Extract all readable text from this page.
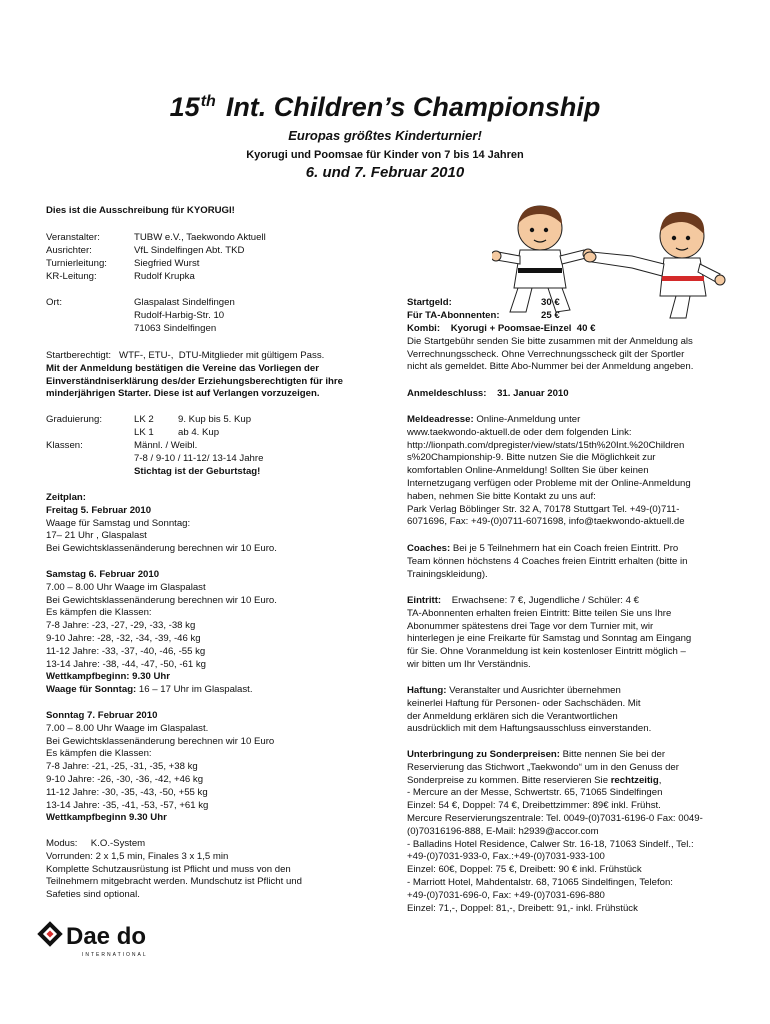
15th Int. Children’s Championship
Europas größtes Kinderturnier!
Kyorugi und Poomsae für Kinder von 7 bis 14 Jahren
6. und 7. Februar 2010
Dies ist die Ausschreibung für KYORUGI!
Veranstalter:	TUBW e.V., Taekwondo Aktuell
Ausrichter:	VfL Sindelfingen Abt. TKD
Turnierleitung:	Siegfried Wurst
KR-Leitung:	Rudolf Krupka
Ort:	Glaspalast Sindelfingen
Rudolf-Harbig-Str. 10
71063 Sindelfingen
Startberechtigt:   WTF-, ETU-,  DTU-Mitglieder mit gültigem Pass.
Mit der Anmeldung bestätigen die Vereine das Vorliegen der
Einverständniserklärung des/der Erziehungsberechtigten für ihre
minderjährigen Starter. Diese ist auf Verlangen vorzuzeigen.
Graduierung:	LK 2	9. Kup bis 5. Kup
LK 1	ab 4. Kup
Klassen:	Männl. / Weibl.
7-8 / 9-10 / 11-12/ 13-14 Jahre
Stichtag ist der Geburtstag!
Zeitplan:
Freitag 5. Februar 2010
Waage für Samstag und Sonntag:
17– 21 Uhr , Glaspalast
Bei Gewichtsklassenänderung berechnen wir 10 Euro.
Samstag 6. Februar 2010
7.00 – 8.00 Uhr Waage im Glaspalast
Bei Gewichtsklassenänderung berechnen wir 10 Euro.
Es kämpfen die Klassen:
7-8 Jahre: -23, -27, -29, -33, -38 kg
9-10 Jahre: -28, -32, -34, -39, -46 kg
11-12 Jahre: -33, -37, -40, -46, -55 kg
13-14 Jahre: -38, -44, -47, -50, -61 kg
Wettkampfbeginn: 9.30 Uhr
Waage für Sonntag: 16 – 17 Uhr im Glaspalast.
Sonntag 7. Februar 2010
7.00 – 8.00 Uhr Waage im Glaspalast.
Bei Gewichtsklassenänderung berechnen wir 10 Euro
Es kämpfen die Klassen:
7-8 Jahre: -21, -25, -31, -35, +38 kg
9-10 Jahre: -26, -30, -36, -42, +46 kg
11-12 Jahre: -30, -35, -43, -50, +55 kg
13-14 Jahre: -35, -41, -53, -57, +61 kg
Wettkampfbeginn 9.30 Uhr
Modus:     K.O.-System
Vorrunden: 2 x 1,5 min, Finales 3 x 1,5 min
Komplette Schutzausrüstung ist Pflicht und muss von den
Teilnehmern mitgebracht werden. Mundschutz ist Pflicht und
Safeties sind optional.
Dae do
INTERNATIONAL
Startgeld:	30 €
Für TA-Abonnenten:	25 €
Kombi:    Kyorugi + Poomsae-Einzel  40 €
Die Startgebühr senden Sie bitte zusammen mit der Anmeldung als
Verrechnungsscheck. Ohne Verrechnungsscheck gilt der Sportler
nicht als gemeldet. Bitte Abo-Nummer bei der Anmeldung angeben.
Anmeldeschluss:    31. Januar 2010
Meldeadresse: Online-Anmeldung unter
www.taekwondo-aktuell.de oder dem folgenden Link:
http://lionpath.com/dpregister/view/stats/15th%20Int.%20Children
s%20Championship-9. Bitte nutzen Sie die Möglichkeit zur
komfortablen Online-Anmeldung! Sollten Sie über keinen
Internetzugang verfügen oder Probleme mit der Online-Anmeldung
haben, nehmen Sie bitte Kontakt zu uns auf:
Park Verlag Böblinger Str. 32 A, 70178 Stuttgart Tel. +49-(0)711-
6071696, Fax: +49-(0)0711-6071698, info@taekwondo-aktuell.de
Coaches: Bei je 5 Teilnehmern hat ein Coach freien Eintritt. Pro
Team können höchstens 4 Coaches freien Eintritt erhalten (bitte in
Trainingskleidung).
Eintritt:    Erwachsene: 7 €, Jugendliche / Schüler: 4 €
TA-Abonnenten erhalten freien Eintritt: Bitte teilen Sie uns Ihre
Abonummer spätestens drei Tage vor dem Turnier mit, wir
hinterlegen je eine Freikarte für Samstag und Sonntag am Eingang
für Sie. Ohne Voranmeldung ist kein kostenloser Eintritt möglich –
wir bitten um Ihr Verständnis.
Haftung: Veranstalter und Ausrichter übernehmen
keinerlei Haftung für Personen- oder Sachschäden. Mit
der Anmeldung erklären sich die Verantwortlichen
ausdrücklich mit dem Haftungsausschluss einverstanden.
Unterbringung zu Sonderpreisen: Bitte nennen Sie bei der
Reservierung das Stichwort „Taekwondo“ um in den Genuss der
Sonderpreise zu kommen. Bitte reservieren Sie rechtzeitig,
- Mercure an der Messe, Schwertstr. 65, 71065 Sindelfingen
Einzel: 54 €, Doppel: 74 €, Dreibettzimmer: 89€ inkl. Frühst.
Mercure Reservierungszentrale: Tel. 0049-(0)7031-6196-0 Fax: 0049-
(0)70316196-888, E-Mail: h2939@accor.com
- Balladins Hotel Residence, Calwer Str. 16-18, 71063 Sindelf., Tel.:
+49-(0)7031-933-0, Fax.:+49-(0)7031-933-100
Einzel: 60€, Doppel: 75 €, Dreibett: 90 € inkl. Frühstück
- Marriott Hotel, Mahdentalstr. 68, 71065 Sindelfingen, Telefon:
+49-(0)7031-696-0, Fax: +49-(0)7031-696-880
Einzel: 71,-, Doppel: 81,-, Dreibett: 91,- inkl. Frühstück
